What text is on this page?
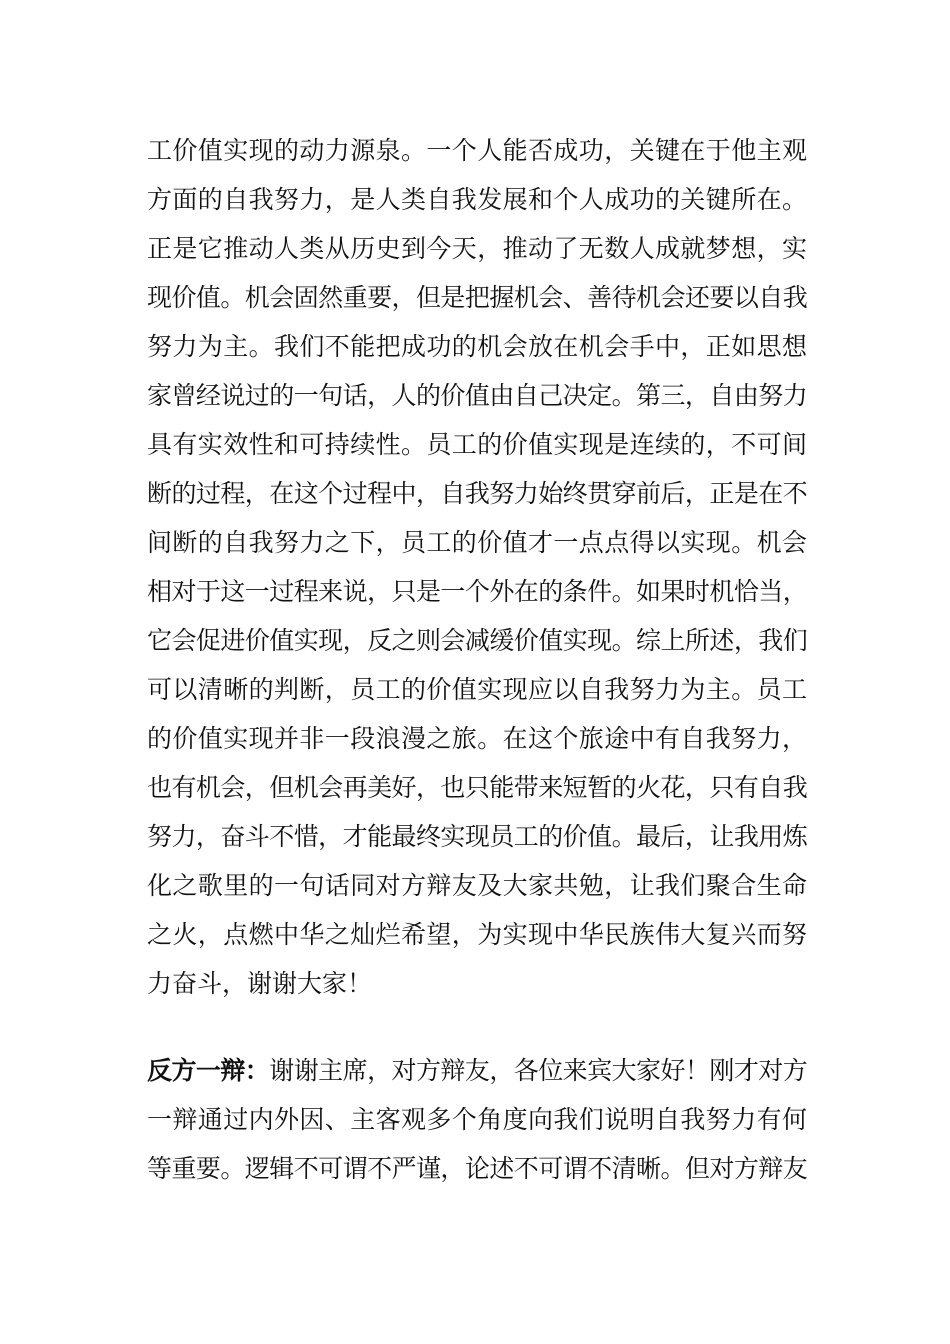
工价值实现的动力源泉。一个人能否成功，关键在于他主观
方面的自我努力，是人类自我发展和个人成功的关键所在。
正是它推动人类从历史到今天，推动了无数人成就梦想，实
现价值。机会固然重要，但是把握机会、善待机会还要以自我
努力为主。我们不能把成功的机会放在机会手中，正如思想
家曾经说过的一句话，人的价值由自己决定。第三，自由努力
具有实效性和可持续性。员工的价值实现是连续的，不可间
断的过程，在这个过程中，自我努力始终贯穿前后，正是在不
间断的自我努力之下，员工的价值才一点点得以实现。机会
相对于这一过程来说，只是一个外在的条件。如果时机恰当，
它会促进价值实现，反之则会减缓价值实现。综上所述，我们
可以清晰的判断，员工的价值实现应以自我努力为主。员工
的价值实现并非一段浪漫之旅。在这个旅途中有自我努力，
也有机会，但机会再美好，也只能带来短暂的火花，只有自我
努力，奋斗不惜，才能最终实现员工的价值。最后，让我用炼
化之歌里的一句话同对方辩友及大家共勉，让我们聚合生命
之火，点燃中华之灿烂希望，为实现中华民族伟大复兴而努
力奋斗，谢谢大家！
反方一辩：谢谢主席，对方辩友，各位来宾大家好！刚才对方
一辩通过内外因、主客观多个角度向我们说明自我努力有何
等重要。逻辑不可谓不严谨，论述不可谓不清晰。但对方辩友
